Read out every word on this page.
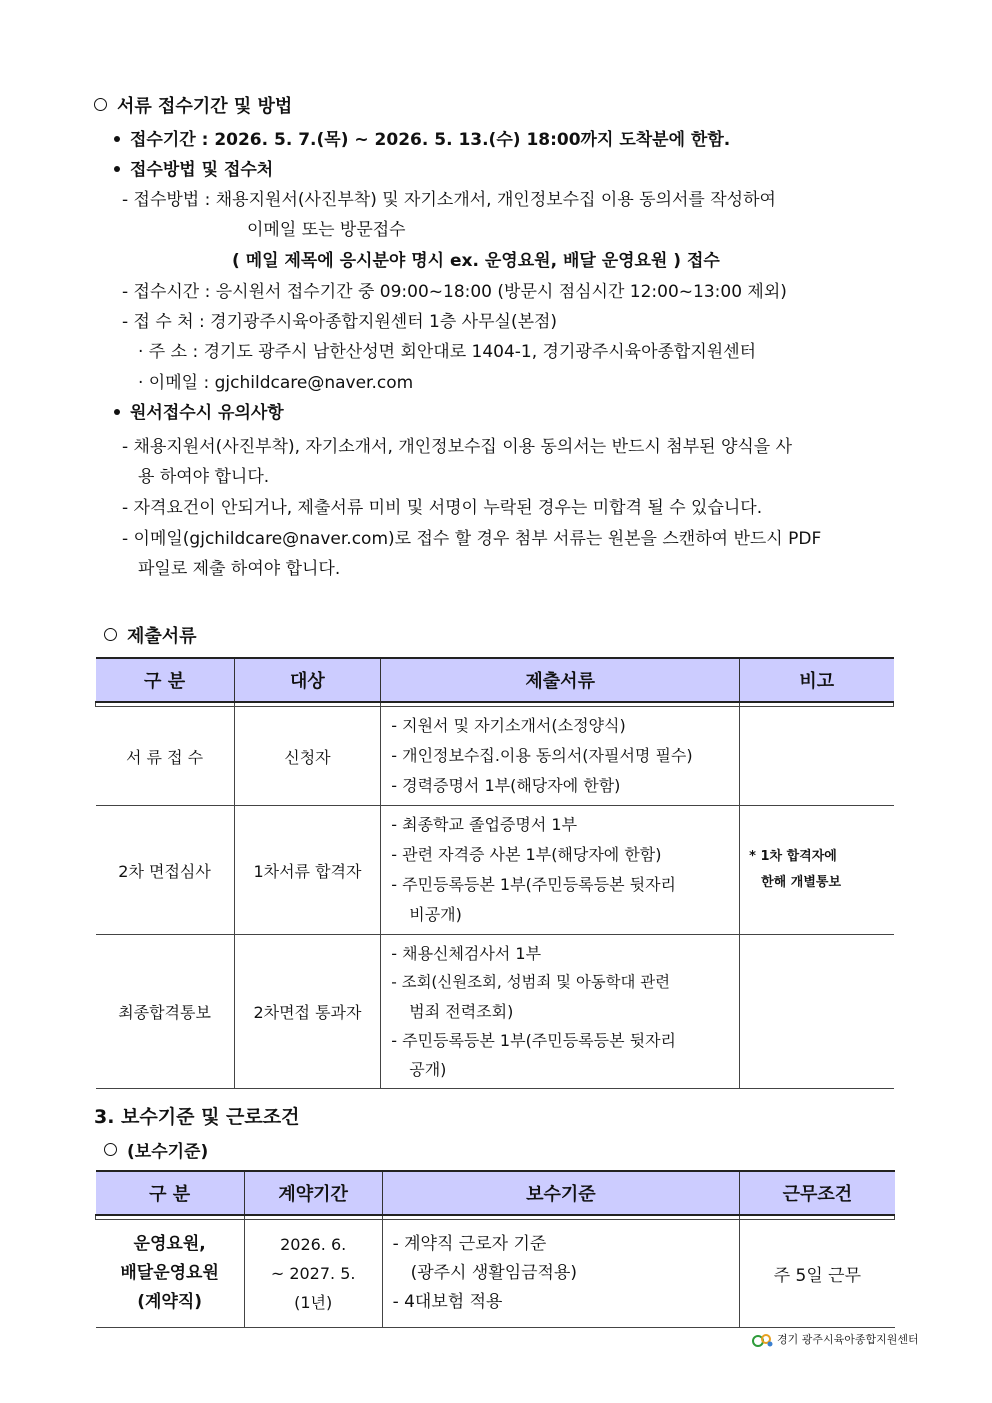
서류 접수기간 및 방법
접수기간 : 2026. 5. 7.(목) ~ 2026. 5. 13.(수) 18:00까지 도착분에 한함.
접수방법 및 접수처
- 접수방법 : 채용지원서(사진부착) 및 자기소개서, 개인정보수집 이용 동의서를 작성하여
이메일 또는 방문접수
( 메일 제목에 응시분야 명시 ex. 운영요원, 배달 운영요원 ) 접수
- 접수시간 : 응시원서 접수기간 중 09:00~18:00 (방문시 점심시간 12:00~13:00 제외)
- 접 수 처 : 경기광주시육아종합지원센터 1층 사무실(본점)
· 주 소 : 경기도 광주시 남한산성면 회안대로 1404-1, 경기광주시육아종합지원센터
· 이메일 : gjchildcare@naver.com
원서접수시 유의사항
- 채용지원서(사진부착), 자기소개서, 개인정보수집 이용 동의서는 반드시 첨부된 양식을 사
용 하여야 합니다.
- 자격요건이 안되거나, 제출서류 미비 및 서명이 누락된 경우는 미합격 될 수 있습니다.
- 이메일(gjchildcare@naver.com)로 접수 할 경우 첨부 서류는 원본을 스캔하여 반드시 PDF
파일로 제출 하여야 합니다.
제출서류
구 분	대상	제출서류	비고

서 류 접 수	신청자	- 지원서 및 자기소개서(소정양식)
- 개인정보수집.이용 동의서(자필서명 필수)
- 경력증명서 1부(해당자에 한함)	

2차 면접심사	1차서류 합격자	- 최종학교 졸업증명서 1부
- 관련 자격증 사본 1부(해당자에 한함)
- 주민등록등본 1부(주민등록등본 뒷자리
비공개)	* 1차 합격자에
한해 개별통보

최종합격통보	2차면접 통과자	- 채용신체검사서 1부
- 조회(신원조회, 성범죄 및 아동학대 관련
범죄 전력조회)
- 주민등록등본 1부(주민등록등본 뒷자리
공개)	

3. 보수기준 및 근로조건
(보수기준)
구 분	계약기간	보수기준	근무조건

운영요원,
배달운영요원
(계약직)	2026. 6.
~ 2027. 5.
(1년)	- 계약직 근로자 기준
(광주시 생활임금적용)
- 4대보험 적용	주 5일 근무
경기 광주시육아종합지원센터
